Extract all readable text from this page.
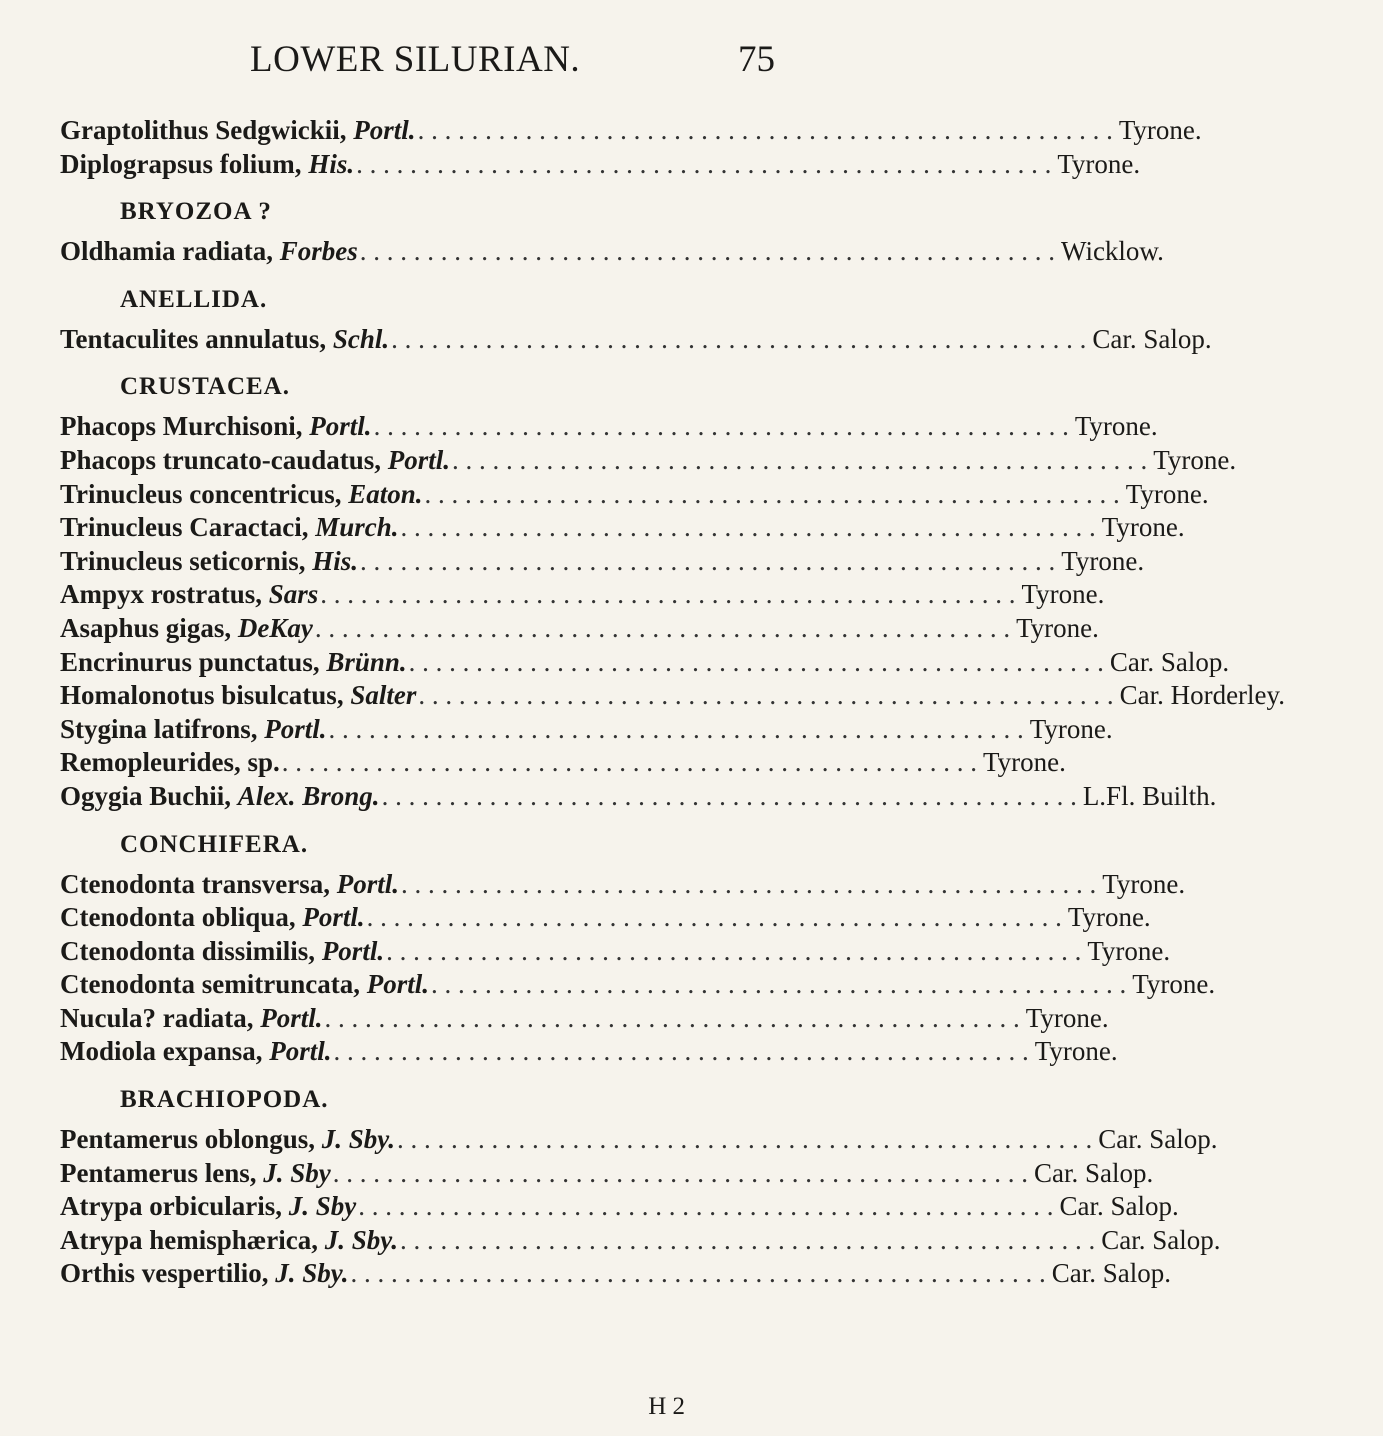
LOWER SILURIAN.	75
Graptolithus Sedgwickii, Portl. . . .	Tyrone.
Diplograpsus folium, His. . . .	Tyrone.
BRYOZOA ?
Oldhamia radiata, Forbes . . .	Wicklow.
ANELLIDA.
Tentaculites annulatus, Schl. . . .	Car. Salop.
CRUSTACEA.
Phacops Murchisoni, Portl. . . .	Tyrone.
Phacops truncato-caudatus, Portl. . . .	Tyrone.
Trinucleus concentricus, Eaton. . . .	Tyrone.
Trinucleus Caractaci, Murch. . . .	Tyrone.
Trinucleus seticornis, His. . . .	Tyrone.
Ampyx rostratus, Sars . . .	Tyrone.
Asaphus gigas, DeKay . . .	Tyrone.
Encrinurus punctatus, Brünn. . . .	Car. Salop.
Homalonotus bisulcatus, Salter . . .	Car. Horderley.
Stygina latifrons, Portl. . . .	Tyrone.
Remopleurides, sp. . . .	Tyrone.
Ogygia Buchii, Alex. Brong. . . .	L.Fl. Builth.
CONCHIFERA.
Ctenodonta transversa, Portl. . . .	Tyrone.
Ctenodonta obliqua, Portl. . . .	Tyrone.
Ctenodonta dissimilis, Portl. . . .	Tyrone.
Ctenodonta semitruncata, Portl. . . .	Tyrone.
Nucula? radiata, Portl. . . .	Tyrone.
Modiola expansa, Portl. . . .	Tyrone.
BRACHIOPODA.
Pentamerus oblongus, J. Sby. . . .	Car. Salop.
Pentamerus lens, J. Sby . . .	Car. Salop.
Atrypa orbicularis, J. Sby . . .	Car. Salop.
Atrypa hemisphærica, J. Sby. . . .	Car. Salop.
Orthis vespertilio, J. Sby. . . .	Car. Salop.
H 2
